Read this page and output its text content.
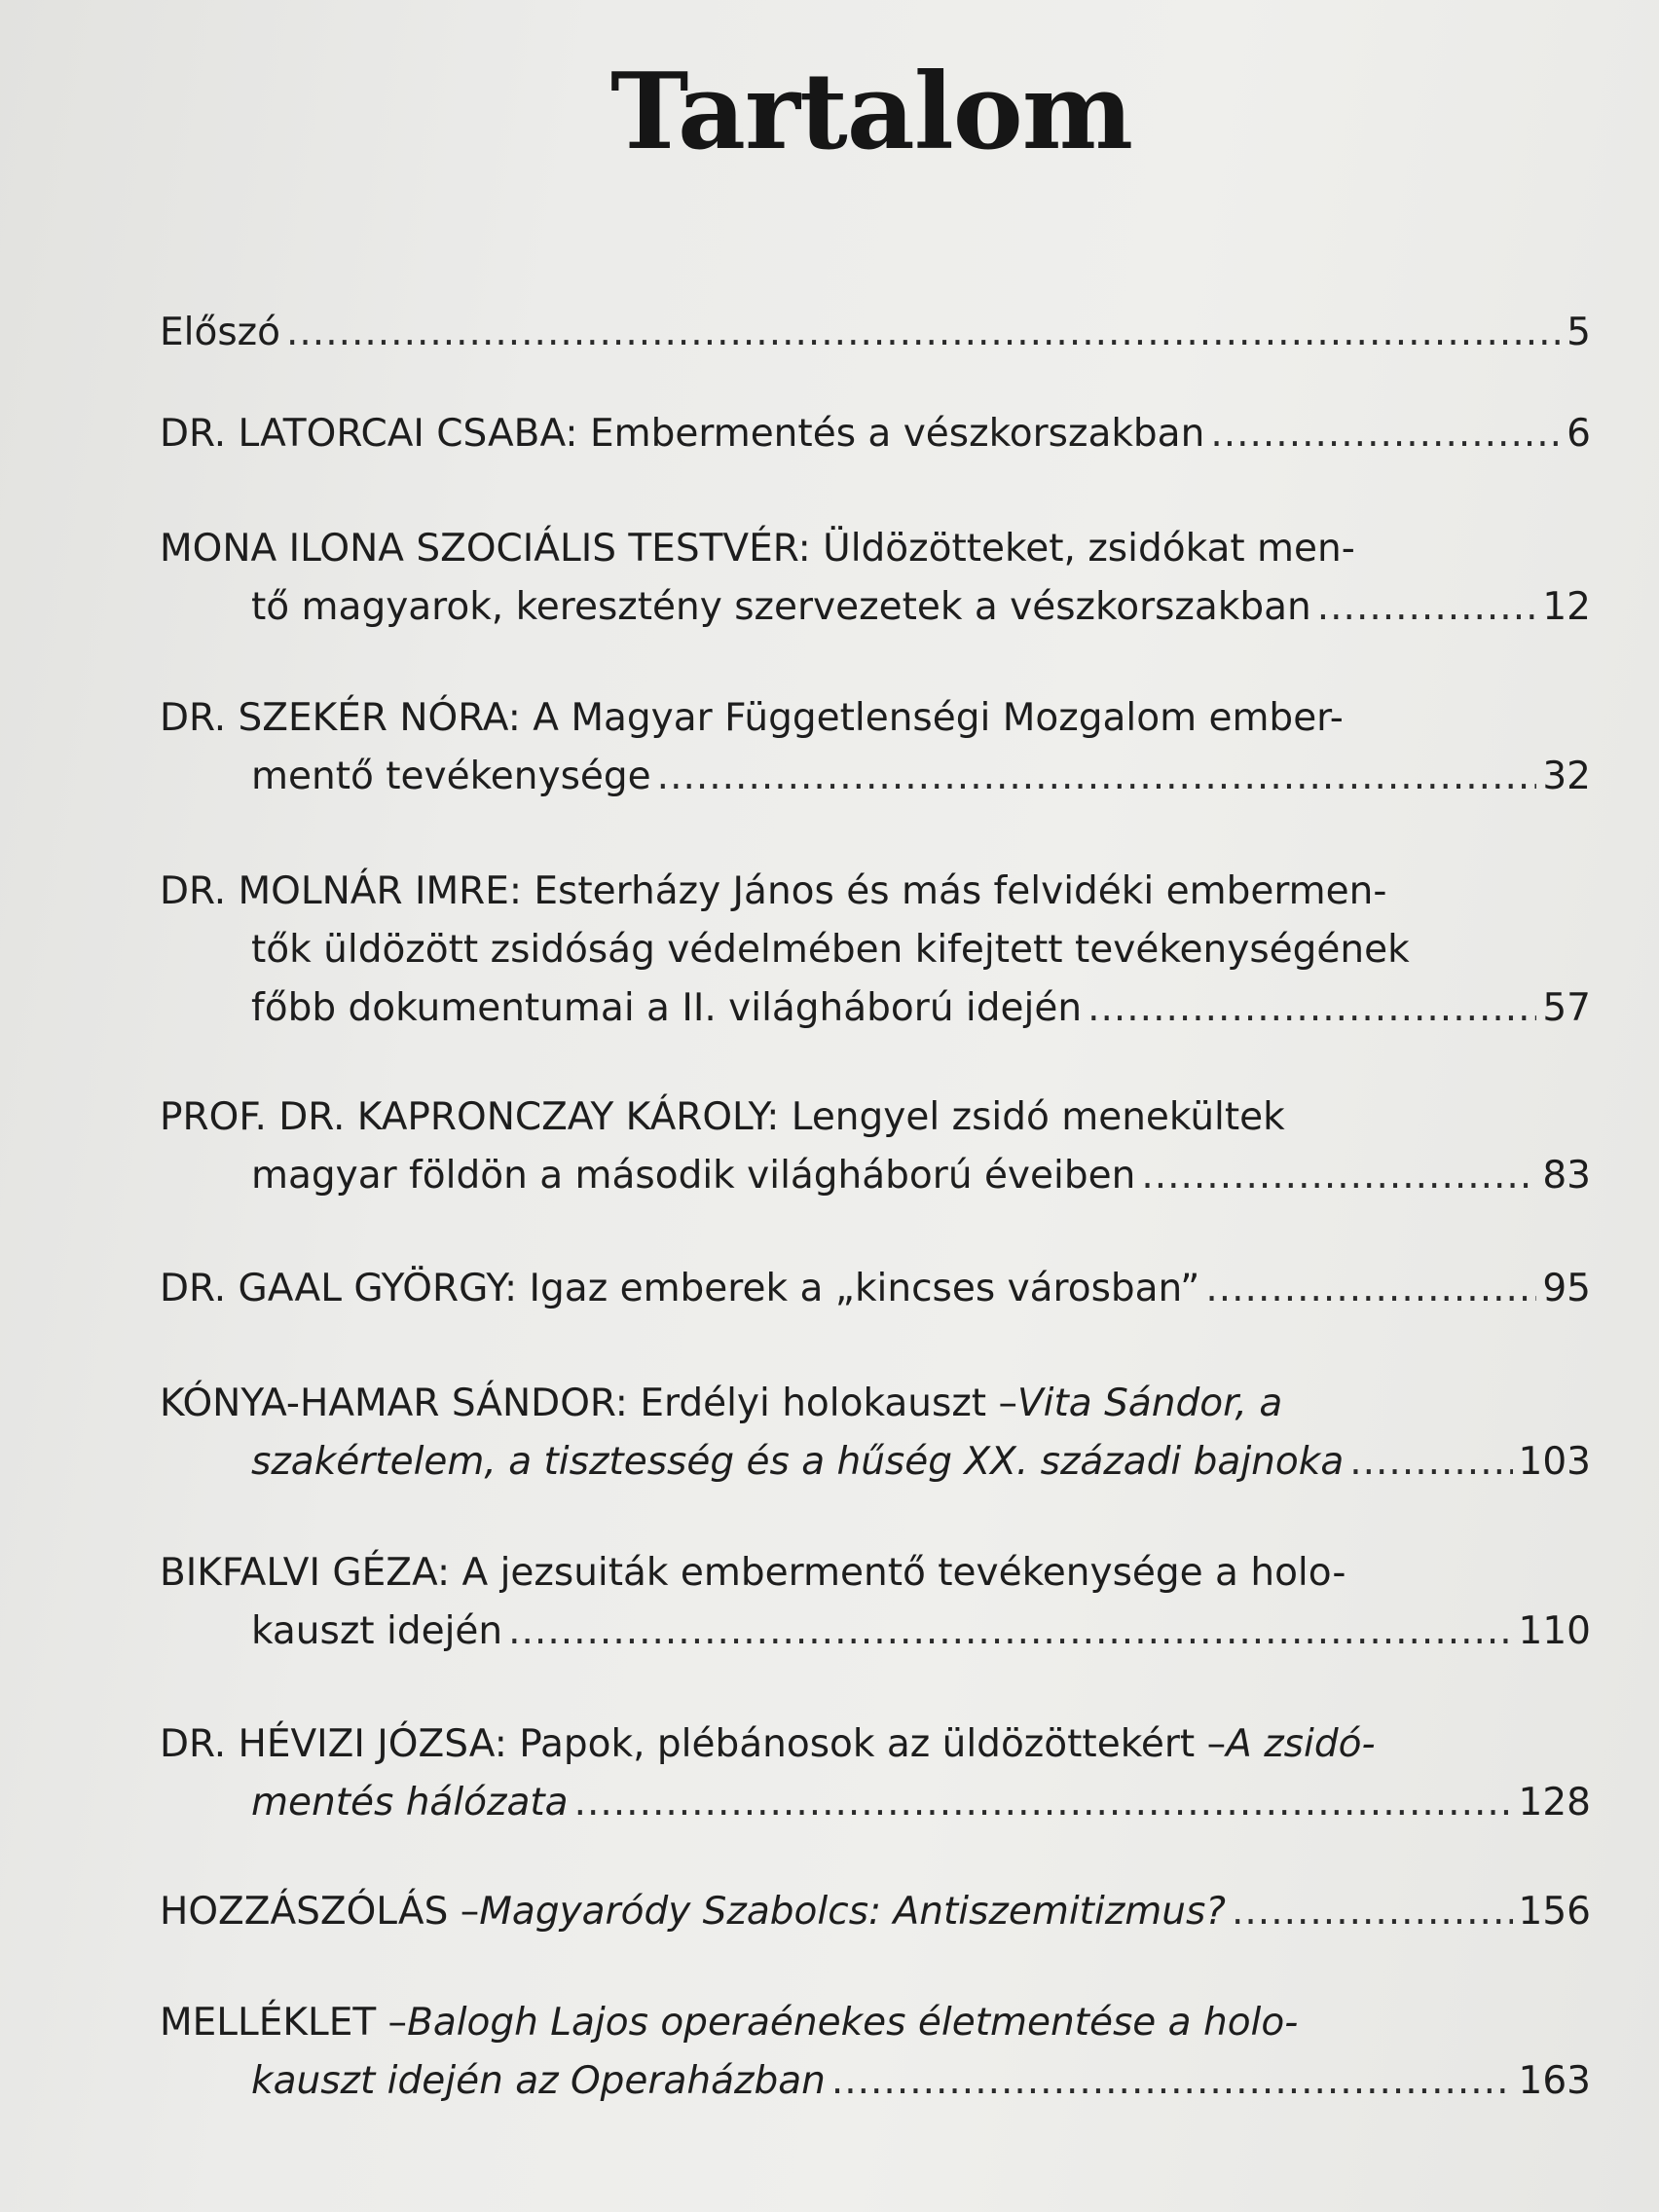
Tartalom
Előszó .....	5
DR. LATORCAI CSABA: Embermentés a vészkorszakban .....	6
MONA ILONA SZOCIÁLIS TESTVÉR: Üldözötteket, zsidókat men-
tő magyarok, keresztény szervezetek a vészkorszakban .....	12
DR. SZEKÉR NÓRA: A Magyar Függetlenségi Mozgalom ember-
mentő tevékenysége .....	32
DR. MOLNÁR IMRE: Esterházy János és más felvidéki embermen-
tők üldözött zsidóság védelmében kifejtett tevékenységének
főbb dokumentumai a II. világháború idején .....	57
PROF. DR. KAPRONCZAY KÁROLY: Lengyel zsidó menekültek
magyar földön a második világháború éveiben .....	83
DR. GAAL GYÖRGY: Igaz emberek a „kincses városban” .....	95
KÓNYA-HAMAR SÁNDOR: Erdélyi holokauszt – Vita Sándor, a
szakértelem, a tisztesség és a hűség XX. századi bajnoka .....	103
BIKFALVI GÉZA: A jezsuiták embermentő tevékenysége a holo-
kauszt idején .....	110
DR. HÉVIZI JÓZSA: Papok, plébánosok az üldözöttekért – A zsidó-
mentés hálózata .....	128
HOZZÁSZÓLÁS – Magyaródy Szabolcs: Antiszemitizmus? .....	156
MELLÉKLET – Balogh Lajos operaénekes életmentése a holo-
kauszt idején az Operaházban .....	163
